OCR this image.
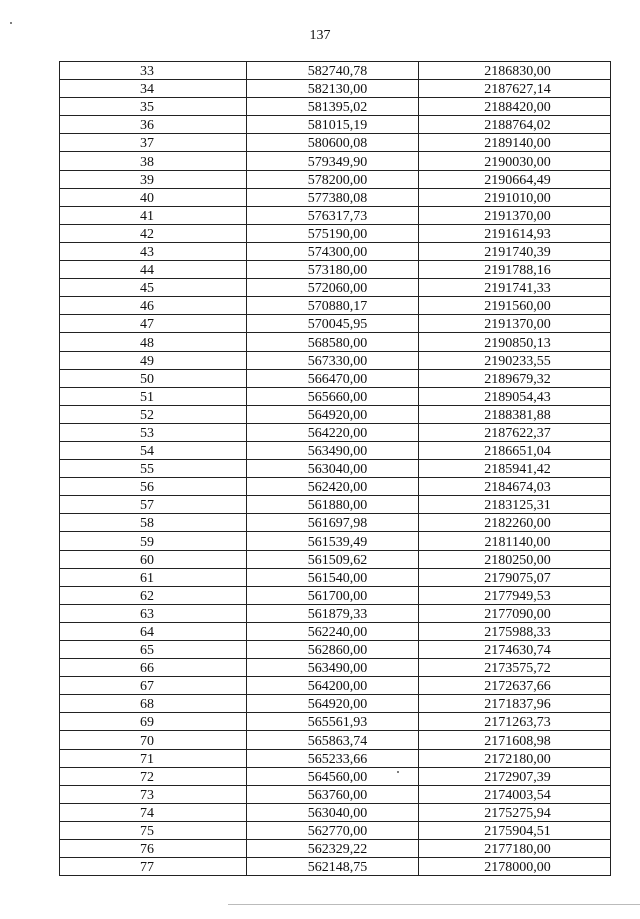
137
33	582740,78	2186830,00
34	582130,00	2187627,14
35	581395,02	2188420,00
36	581015,19	2188764,02
37	580600,08	2189140,00
38	579349,90	2190030,00
39	578200,00	2190664,49
40	577380,08	2191010,00
41	576317,73	2191370,00
42	575190,00	2191614,93
43	574300,00	2191740,39
44	573180,00	2191788,16
45	572060,00	2191741,33
46	570880,17	2191560,00
47	570045,95	2191370,00
48	568580,00	2190850,13
49	567330,00	2190233,55
50	566470,00	2189679,32
51	565660,00	2189054,43
52	564920,00	2188381,88
53	564220,00	2187622,37
54	563490,00	2186651,04
55	563040,00	2185941,42
56	562420,00	2184674,03
57	561880,00	2183125,31
58	561697,98	2182260,00
59	561539,49	2181140,00
60	561509,62	2180250,00
61	561540,00	2179075,07
62	561700,00	2177949,53
63	561879,33	2177090,00
64	562240,00	2175988,33
65	562860,00	2174630,74
66	563490,00	2173575,72
67	564200,00	2172637,66
68	564920,00	2171837,96
69	565561,93	2171263,73
70	565863,74	2171608,98
71	565233,66	2172180,00
72	564560,00	2172907,39
73	563760,00	2174003,54
74	563040,00	2175275,94
75	562770,00	2175904,51
76	562329,22	2177180,00
77	562148,75	2178000,00
